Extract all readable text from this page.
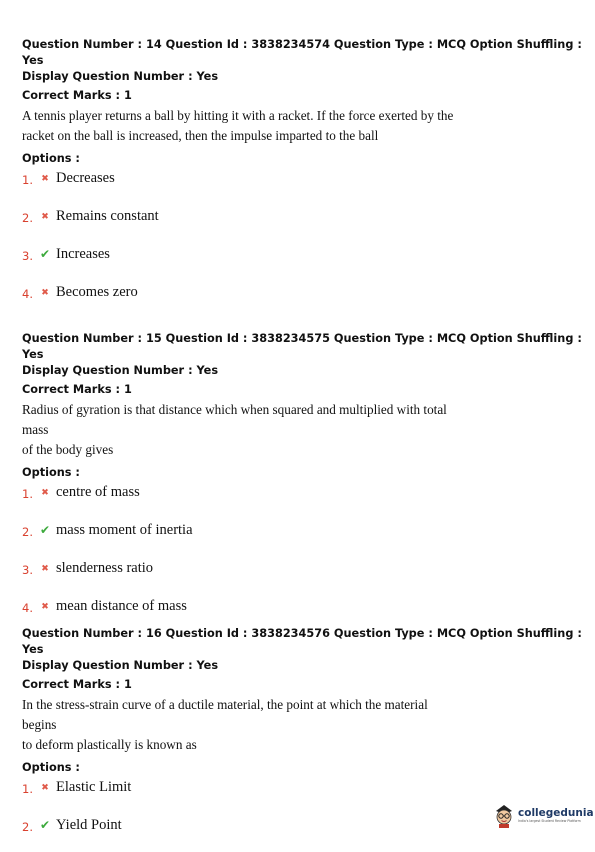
Question Number : 14 Question Id : 3838234574 Question Type : MCQ Option Shuffling : Yes
Display Question Number : Yes
Correct Marks : 1
A tennis player returns a ball by hitting it with a racket. If the force exerted by the
racket on the ball is increased, then the impulse imparted to the ball
Options :
1. ✖ Decreases
2. ✖ Remains constant
3. ✔ Increases
4. ✖ Becomes zero
Question Number : 15 Question Id : 3838234575 Question Type : MCQ Option Shuffling : Yes
Display Question Number : Yes
Correct Marks : 1
Radius of gyration is that distance which when squared and multiplied with total mass
of the body gives
Options :
1. ✖ centre of mass
2. ✔ mass moment of inertia
3. ✖ slenderness ratio
4. ✖ mean distance of mass
Question Number : 16 Question Id : 3838234576 Question Type : MCQ Option Shuffling : Yes
Display Question Number : Yes
Correct Marks : 1
In the stress-strain curve of a ductile material, the point at which the material begins
to deform plastically is known as
Options :
1. ✖ Elastic Limit
2. ✔ Yield Point
collegedunia
India's largest Student Review Platform
